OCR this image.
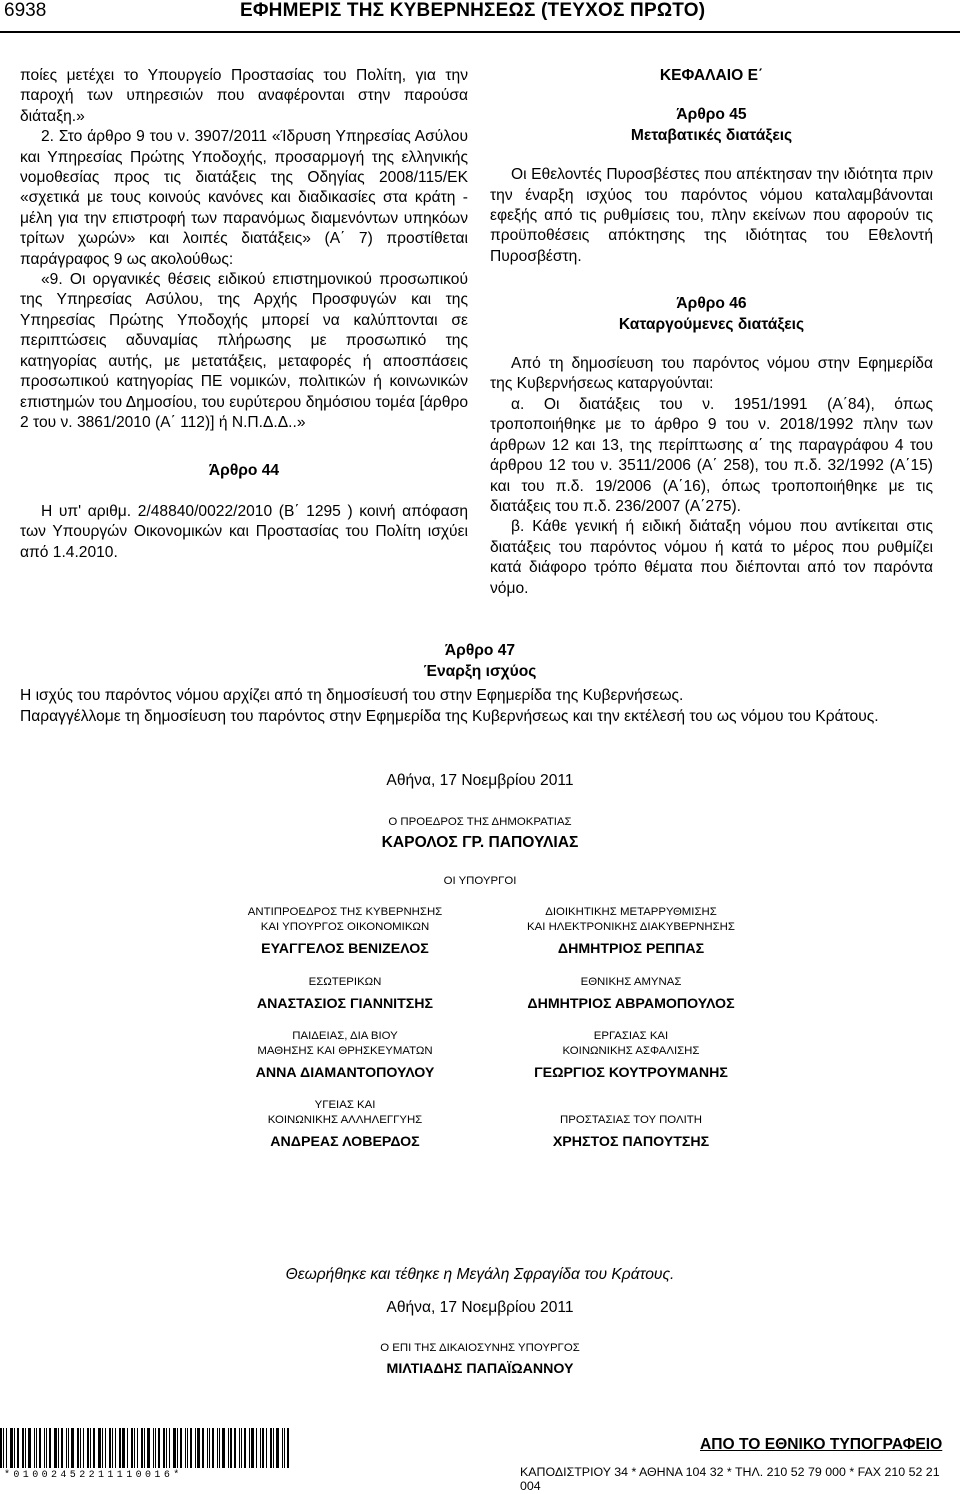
6938	ΕΦΗΜΕΡΙΣ ΤΗΣ ΚΥΒΕΡΝΗΣΕΩΣ (ΤΕΥΧΟΣ ΠΡΩΤΟ)

ποίες μετέχει το Υπουργείο Προστασίας του Πολίτη, για την παροχή των υπηρεσιών που αναφέρονται στην παρούσα διάταξη.»

2. Στο άρθρο 9 του ν. 3907/2011 «Ίδρυση Υπηρεσίας Ασύλου και Υπηρεσίας Πρώτης Υποδοχής, προσαρμογή της ελληνικής νομοθεσίας προς τις διατάξεις της Οδηγίας 2008/115/ΕΚ «σχετικά με τους κοινούς κανόνες και διαδικασίες στα κράτη ‑ μέλη για την επιστροφή των παρανόμως διαμενόντων υπηκόων τρίτων χωρών» και λοιπές διατάξεις» (Α΄ 7) προστίθεται παράγραφος 9 ως ακολούθως:

«9. Οι οργανικές θέσεις ειδικού επιστημονικού προσωπικού της Υπηρεσίας Ασύλου, της Αρχής Προσφυγών και της Υπηρεσίας Πρώτης Υποδοχής μπορεί να καλύπτονται σε περιπτώσεις αδυναμίας πλήρωσης με προσωπικό της κατηγορίας αυτής, με μετατάξεις, μεταφορές ή αποσπάσεις προσωπικού κατηγορίας ΠΕ νομικών, πολιτικών ή κοινωνικών επιστημών του Δημοσίου, του ευρύτερου δημόσιου τομέα [άρθρο 2 του ν. 3861/2010 (Α΄ 112)] ή Ν.Π.Δ.Δ..»

Άρθρο 44

Η υπ' αριθμ. 2/48840/0022/2010 (Β΄ 1295 ) κοινή απόφαση των Υπουργών Οικονομικών και Προστασίας του Πολίτη ισχύει από 1.4.2010.

ΚΕΦΑΛΑΙΟ Ε΄

Άρθρο 45

Μεταβατικές διατάξεις

Οι Εθελοντές Πυροσβέστες που απέκτησαν την ιδιότητα πριν την έναρξη ισχύος του παρόντος νόμου καταλαμβάνονται εφεξής από τις ρυθμίσεις του, πλην εκείνων που αφορούν τις προϋποθέσεις απόκτησης της ιδιότητας του Εθελοντή Πυροσβέστη.

Άρθρο 46

Καταργούμενες διατάξεις

Από τη δημοσίευση του παρόντος νόμου στην Εφημερίδα της Κυβερνήσεως καταργούνται:

α. Οι διατάξεις του ν. 1951/1991 (Α΄84), όπως τροποποιήθηκε με το άρθρο 9 του ν. 2018/1992 πλην των άρθρων 12 και 13, της περίπτωσης α΄ της παραγράφου 4 του άρθρου 12 του ν. 3511/2006 (Α΄ 258), του π.δ. 32/1992 (Α΄15) και του π.δ. 19/2006 (Α΄16), όπως τροποποιήθηκε με τις διατάξεις του π.δ. 236/2007 (Α΄275).

β. Κάθε γενική ή ειδική διάταξη νόμου που αντίκειται στις διατάξεις του παρόντος νόμου ή κατά το μέρος που ρυθμίζει κατά διάφορο τρόπο θέματα που διέπονται από τον παρόντα νόμο.

Άρθρο 47

Έναρξη ισχύος

Η ισχύς του παρόντος νόμου αρχίζει από τη δημοσίευσή του στην Εφημερίδα της Κυβερνήσεως.

Παραγγέλλομε τη δημοσίευση του παρόντος στην Εφημερίδα της Κυβερνήσεως και την εκτέλεσή του ως νόμου του Κράτους.

Αθήνα, 17 Νοεμβρίου 2011
Ο ΠΡΟΕΔΡΟΣ ΤΗΣ ΔΗΜΟΚΡΑΤΙΑΣ
ΚΑΡΟΛΟΣ ΓΡ. ΠΑΠΟΥΛΙΑΣ
ΟΙ ΥΠΟΥΡΓΟΙ
ΑΝΤΙΠΡΟΕΔΡΟΣ ΤΗΣ ΚΥΒΕΡΝΗΣΗΣ
ΚΑΙ ΥΠΟΥΡΓΟΣ ΟΙΚΟΝΟΜΙΚΩΝ
ΕΥΑΓΓΕΛΟΣ ΒΕΝΙΖΕΛΟΣ
ΔΙΟΙΚΗΤΙΚΗΣ ΜΕΤΑΡΡΥΘΜΙΣΗΣ
ΚΑΙ ΗΛΕΚΤΡΟΝΙΚΗΣ ΔΙΑΚΥΒΕΡΝΗΣΗΣ
ΔΗΜΗΤΡΙΟΣ ΡΕΠΠΑΣ
ΕΣΩΤΕΡΙΚΩΝ
ΑΝΑΣΤΑΣΙΟΣ ΓΙΑΝΝΙΤΣΗΣ
ΕΘΝΙΚΗΣ ΑΜΥΝΑΣ
ΔΗΜΗΤΡΙΟΣ ΑΒΡΑΜΟΠΟΥΛΟΣ
ΠΑΙΔΕΙΑΣ, ΔΙΑ ΒΙΟΥ
ΜΑΘΗΣΗΣ ΚΑΙ ΘΡΗΣΚΕΥΜΑΤΩΝ
ΑΝΝΑ ΔΙΑΜΑΝΤΟΠΟΥΛΟΥ
ΕΡΓΑΣΙΑΣ ΚΑΙ
ΚΟΙΝΩΝΙΚΗΣ ΑΣΦΑΛΙΣΗΣ
ΓΕΩΡΓΙΟΣ ΚΟΥΤΡΟΥΜΑΝΗΣ
ΥΓΕΙΑΣ ΚΑΙ
ΚΟΙΝΩΝΙΚΗΣ ΑΛΛΗΛΕΓΓΥΗΣ
ΑΝΔΡΕΑΣ ΛΟΒΕΡΔΟΣ
ΠΡΟΣΤΑΣΙΑΣ ΤΟΥ ΠΟΛΙΤΗ
ΧΡΗΣΤΟΣ ΠΑΠΟΥΤΣΗΣ
Θεωρήθηκε και τέθηκε η Μεγάλη Σφραγίδα του Κράτους.
Αθήνα, 17 Νοεμβρίου 2011
Ο ΕΠΙ ΤΗΣ ΔΙΚΑΙΟΣΥΝΗΣ ΥΠΟΥΡΓΟΣ
ΜΙΛΤΙΑΔΗΣ ΠΑΠΑΪΩΑΝΝΟΥ
*01002452211110016*
ΑΠΟ ΤΟ ΕΘΝΙΚΟ ΤΥΠΟΓΡΑΦΕΙΟ
ΚΑΠΟΔΙΣΤΡΙΟΥ 34 * ΑΘΗΝΑ 104 32 * ΤΗΛ. 210 52 79 000 * FAX 210 52 21 004
